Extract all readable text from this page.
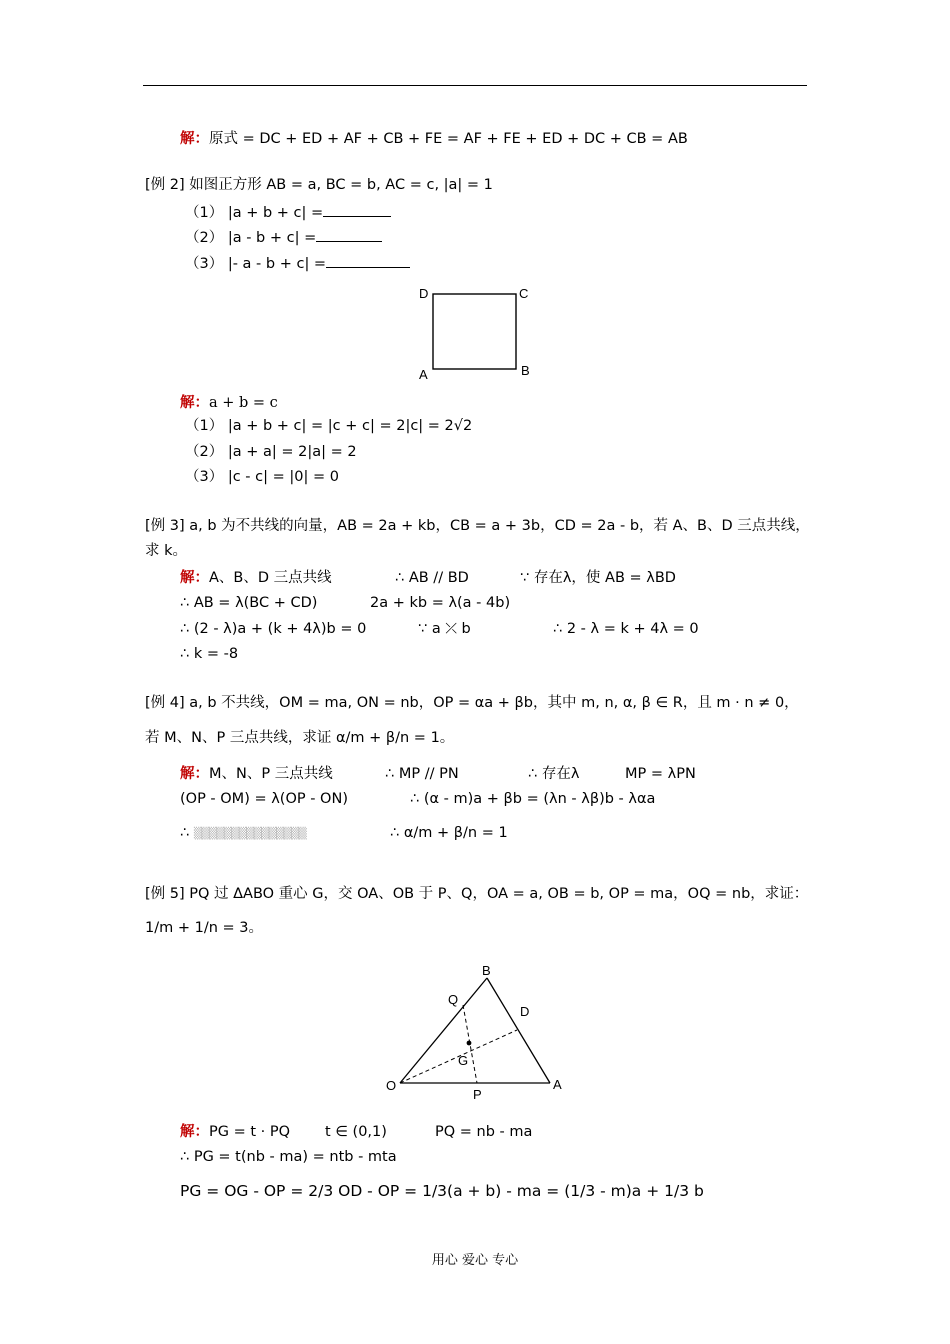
解：原式 = DC + ED + AF + CB + FE = AF + FE + ED + DC + CB = AB
[例 2] 如图正方形 AB = a, BC = b, AC = c, |a| = 1
（1） |a + b + c| =
（2） |a - b + c| =
（3） |- a - b + c| =
D	C
A	B
解：a + b = c
（1） |a + b + c| = |c + c| = 2|c| = 2√2
（2） |a + a| = 2|a| = 2
（3） |c - c| = |0| = 0
[例 3] a, b 为不共线的向量，AB = 2a + kb，CB = a + 3b，CD = 2a - b，若 A、B、D 三点共线，
求 k。
解：A、B、D 三点共线	∴ AB // BD	∵ 存在λ，使 AB = λBD
∴ AB = λ(BC + CD)	2a + kb = λ(a - 4b)
∴ (2 - λ)a + (k + 4λ)b = 0	∵ a ⤫ b	∴ 2 - λ = k + 4λ = 0
∴ k = -8
[例 4] a, b 不共线，OM = ma, ON = nb，OP = αa + βb，其中 m, n, α, β ∈ R，且 m · n ≠ 0，
若 M、N、P 三点共线，求证 α/m + β/n = 1。
解：M、N、P 三点共线	∴ MP // PN	∴ 存在λ	MP = λPN
(OP - OM) = λ(OP - ON)	∴ (α - m)a + βb = (λn - λβ)b - λαa
∴ ▒▒▒▒▒▒▒▒▒▒▒▒▒▒▒	∴ α/m + β/n = 1
[例 5] PQ 过 ΔABO 重心 G，交 OA、OB 于 P、Q，OA = a, OB = b, OP = ma，OQ = nb，求证：
1/m + 1/n = 3。
B
Q
D
G
O
P
A
解：PG = t · PQ t ∈ (0,1)	PQ = nb - ma
∴ PG = t(nb - ma) = ntb - mta
PG = OG - OP = 2/3 OD - OP = 1/3(a + b) - ma = (1/3 - m)a + 1/3 b
用心 爱心 专心
